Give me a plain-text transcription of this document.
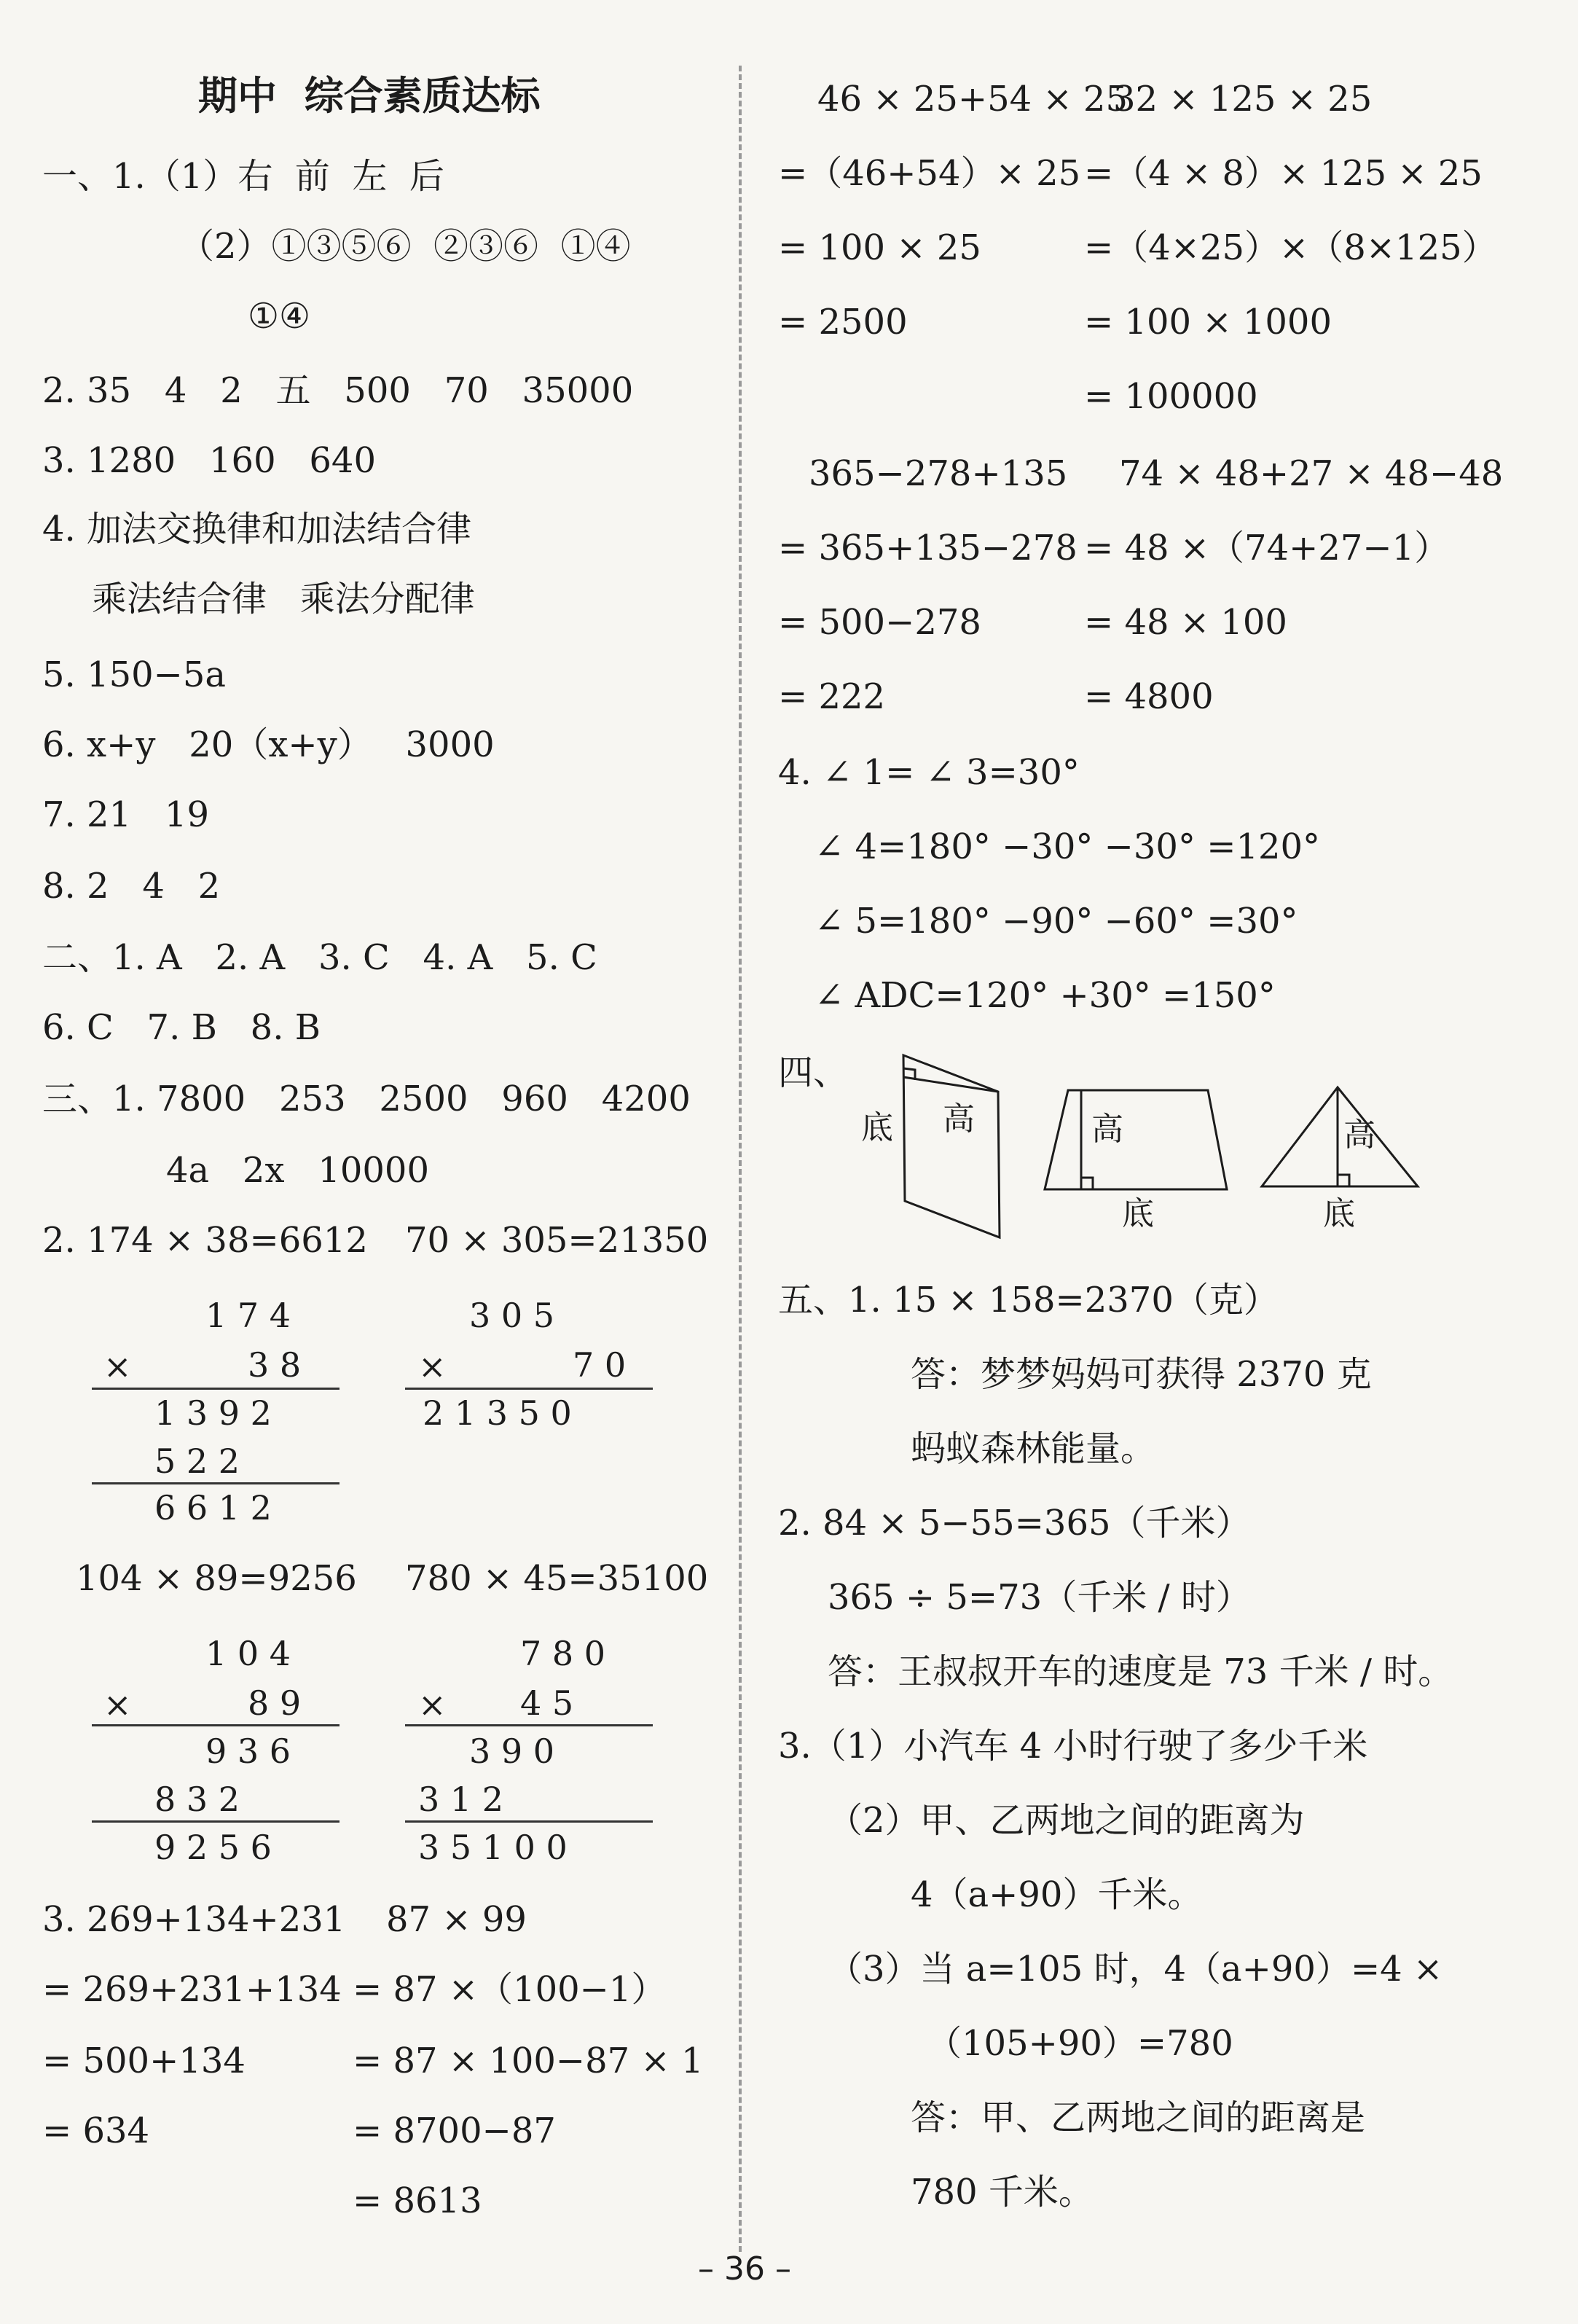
期中  综合素质达标
一、1.（1）右  前  左  后
（2）①③⑤⑥  ②③⑥  ①④
①④
2. 35   4   2   五   500   70   35000
3. 1280   160   640
4. 加法交换律和加法结合律
乘法结合律   乘法分配律
5. 150−5a
6. x+y   20（x+y）   3000
7. 21   19
8. 2   4   2
二、1. A   2. A   3. C   4. A   5. C
6. C   7. B   8. B
三、1. 7800   253   2500   960   4200
4a   2x   10000
2. 174 × 38=6612 70 × 305=21350
1 7 4
×	3 8
1 3 9 2
5 2 2
6 6 1 2
3 0 5
×	7 0
2 1 3 5 0
104 × 89=9256 780 × 45=35100
1 0 4
×	8 9
9 3 6
8 3 2
9 2 5 6
7 8 0
× 4 5
3 9 0
3 1 2
3 5 1 0 0
3. 269+134+231
= 269+231+134
= 500+134
= 634
87 × 99
= 87 ×（100−1）
= 87 × 100−87 × 1
= 8700−87
= 8613
46 × 25+54 × 25
=（46+54）× 25
= 100 × 25
= 2500
32 × 125 × 25
=（4 × 8）× 125 × 25
=（4×25）×（8×125）
= 100 × 1000
= 100000
365−278+135
= 365+135−278
= 500−278
= 222
74 × 48+27 × 48−48
= 48 ×（74+27−1）
= 48 × 100
= 4800
4. ∠ 1= ∠ 3=30°
∠ 4=180° −30° −30° =120°
∠ 5=180° −90° −60° =30°
∠ ADC=120° +30° =150°
四、
底 高	高
底
高
底
五、1. 15 × 158=2370（克）
答：梦梦妈妈可获得 2370 克
蚂蚁森林能量。
2. 84 × 5−55=365（千米）
365 ÷ 5=73（千米 / 时）
答：王叔叔开车的速度是 73 千米 / 时。
3.（1）小汽车 4 小时行驶了多少千米
（2）甲、乙两地之间的距离为
4（a+90）千米。
（3）当 a=105 时，4（a+90）=4 ×
（105+90）=780
答：甲、乙两地之间的距离是
780 千米。
– 36 –
